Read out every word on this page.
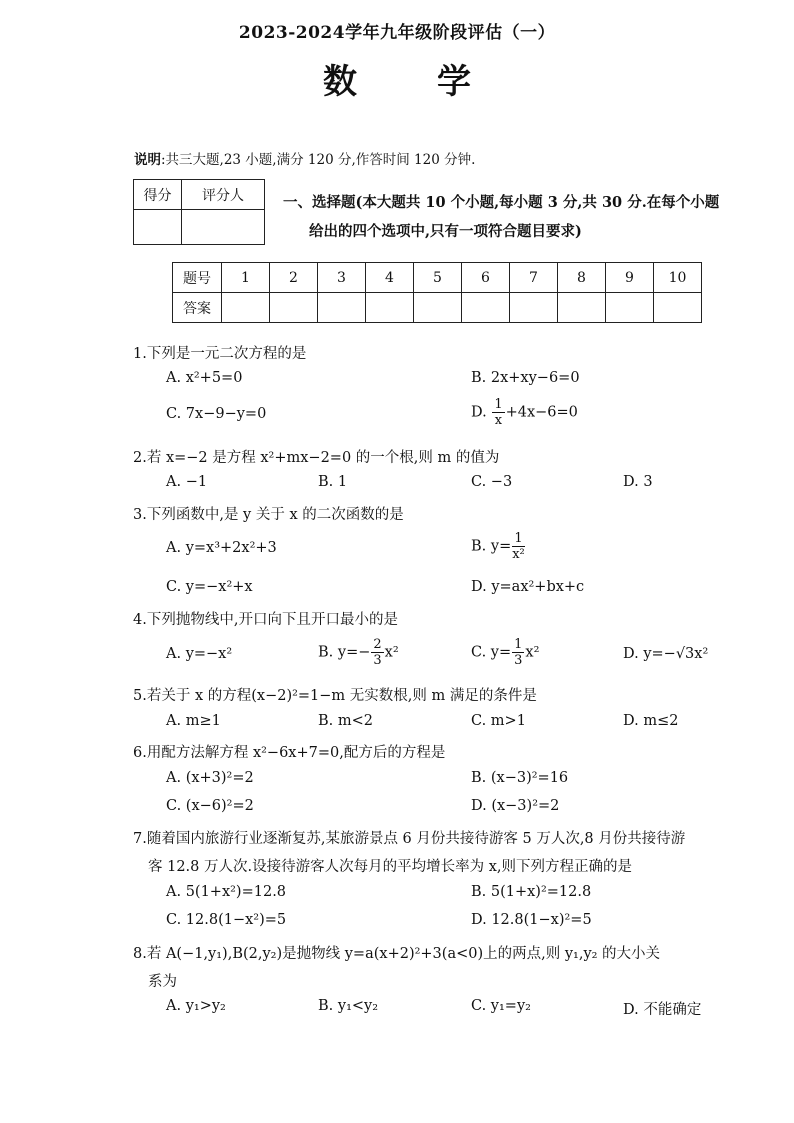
2023-2024学年九年级阶段评估（一）
数学
说明:共三大题,23 小题,满分 120 分,作答时间 120 分钟.
得分	评分人
		一、选择题(本大题共 10 个小题,每小题 3 分,共 30 分.在每个小题
给出的四个选项中,只有一项符合题目要求)
题号	1	2	3	4	5	6	7	8	9	10
答案										
1.下列是一元二次方程的是
A. x²+5=0	B. 2x+xy−6=0
C. 7x−9−y=0	D. $\frac{1}{x} +4x-6=0$
2.若 x=−2 是方程 x²+mx−2=0 的一个根,则 m 的值为
A. −1	B. 1	C. −3	D. 3
3.下列函数中,是 y 关于 x 的二次函数的是
A. y=x³+2x²+3	B. $y= \frac{1}{\text{x²}}$
C. y=−x²+x	D. y=ax²+bx+c
4.下列抛物线中,开口向下且开口最小的是
A. y=−x²	B. $y=- \frac{2}{3} x^2$	C. $y= \frac{1}{3} x^2$	D. y=−√3x²
5.若关于 x 的方程(x−2)²=1−m 无实数根,则 m 满足的条件是
A. m≥1	B. m<2	C. m>1	D. m≤2
6.用配方法解方程 x²−6x+7=0,配方后的方程是
A. (x+3)²=2	B. (x−3)²=16
C. (x−6)²=2	D. (x−3)²=2
7.随着国内旅游行业逐渐复苏,某旅游景点 6 月份共接待游客 5 万人次,8 月份共接待游
客 12.8 万人次.设接待游客人次每月的平均增长率为 x,则下列方程正确的是
A. 5(1+x²)=12.8	B. 5(1+x)²=12.8
C. 12.8(1−x²)=5	D. 12.8(1−x)²=5
8.若 A(−1,y₁),B(2,y₂)是抛物线 y=a(x+2)²+3(a<0)上的两点,则 y₁,y₂ 的大小关
系为
A. y₁>y₂	B. y₁<y₂	C. y₁=y₂	D. 不能确定
